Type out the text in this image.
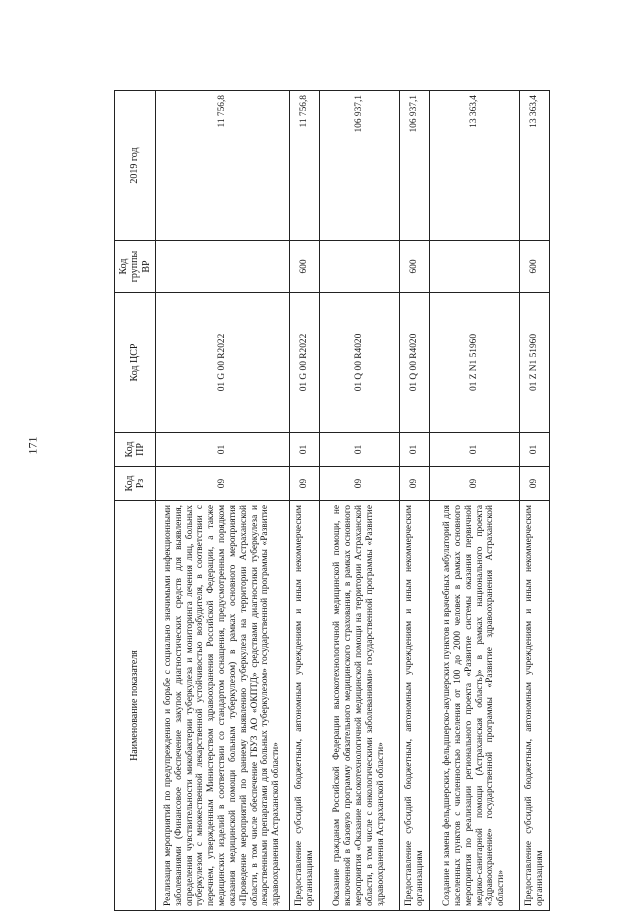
171
Наименование показателя	Код Рз	Код ПР	Код ЦСР	Код группы ВР	2019 год
Реализация мероприятий по предупреждению и борьбе с социально значимыми инфекционными заболеваниями (Финансовое обеспечение закупок диагностических средств для выявления, определения чувствительности микобактерии туберкулеза и мониторинга лечения лиц, больных туберкулезом с множественной лекарственной устойчивостью возбудителя, в соответствии с перечнем, утвержденным Министерством здравоохранения Российской Федерации, а также медицинских изделий в соответствии со стандартом оснащения, предусмотренным порядком оказания медицинской помощи больным туберкулезом) в рамках основного мероприятия «Проведение мероприятий по раннему выявлению туберкулеза на территории Астраханской области, в том числе обеспечение ГБУЗ АО «ОКПТД» средствами диагностики туберкулеза и лекарственными препаратами для больных туберкулезом» государственной программы «Развитие здравоохранения Астраханской области»	09	01	01 G 00 R2022		11 756,8
Предоставление субсидий бюджетным, автономным учреждениям и иным некоммерческим организациям	09	01	01 G 00 R2022	600	11 756,8
Оказание гражданам Российской Федерации высокотехнологичной медицинской помощи, не включенной в базовую программу обязательного медицинского страхования, в рамках основного мероприятия «Оказание высокотехнологичной медицинской помощи на территории Астраханской области, в том числе с онкологическими заболеваниями» государственной программы «Развитие здравоохранения Астраханской области»	09	01	01 Q 00 R4020		106 937,1
Предоставление субсидий бюджетным, автономным учреждениям и иным некоммерческим организациям	09	01	01 Q 00 R4020	600	106 937,1
Создание и замена фельдшерских, фельдшерско-акушерских пунктов и врачебных амбулаторий для населенных пунктов с численностью населения от 100 до 2000 человек в рамках основного мероприятия по реализации регионального проекта «Развитие системы оказания первичной медико-санитарной помощи (Астраханская область)» в рамках национального проекта «Здравоохранение» государственной программы «Развитие здравоохранения Астраханской области»	09	01	01 Z N1 51960		13 363,4
Предоставление субсидий бюджетным, автономным учреждениям и иным некоммерческим организациям	09	01	01 Z N1 51960	600	13 363,4
